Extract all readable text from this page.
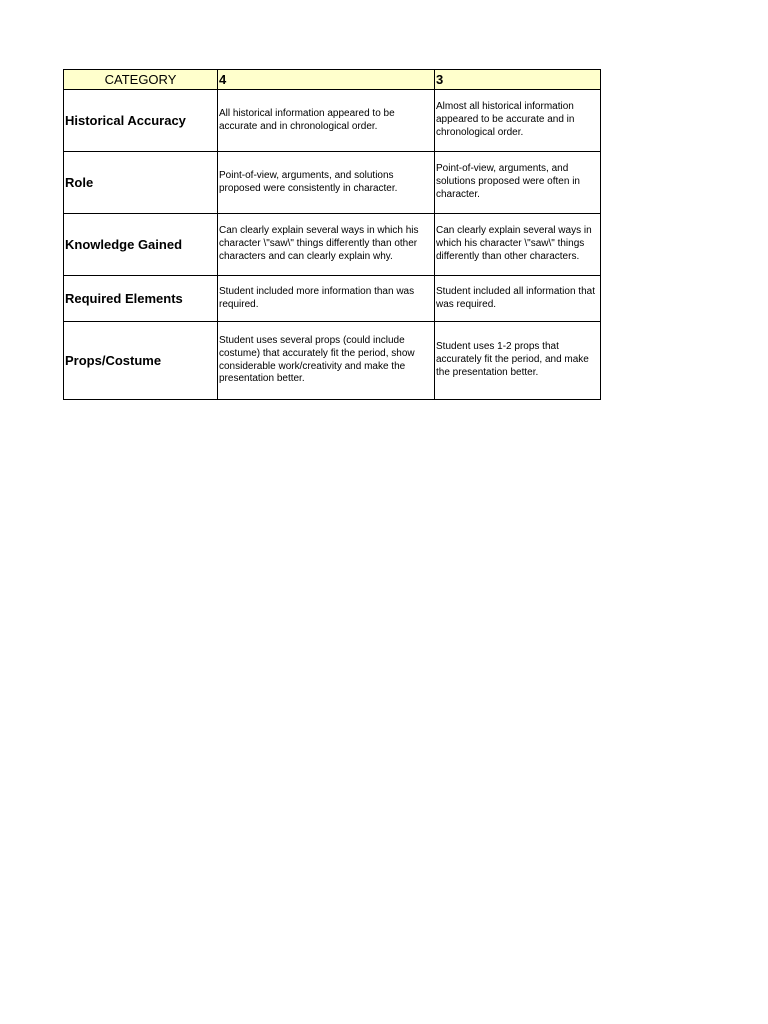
CATEGORY	4	3
Historical Accuracy	All historical information appeared to be accurate and in chronological order.	Almost all historical information appeared to be accurate and in chronological order.
Role	Point-of-view, arguments, and solutions proposed were consistently in character.	Point-of-view, arguments, and solutions proposed were often in character.
Knowledge Gained	Can clearly explain several ways in which his character \"saw\" things differently than other characters and can clearly explain why.	Can clearly explain several ways in which his character \"saw\" things differently than other characters.
Required Elements	Student included more information than was required.	Student included all information that was required.
Props/Costume	Student uses several props (could include costume) that accurately fit the period, show considerable work/creativity and make the presentation better.	Student uses 1-2 props that accurately fit the period, and make the presentation better.
